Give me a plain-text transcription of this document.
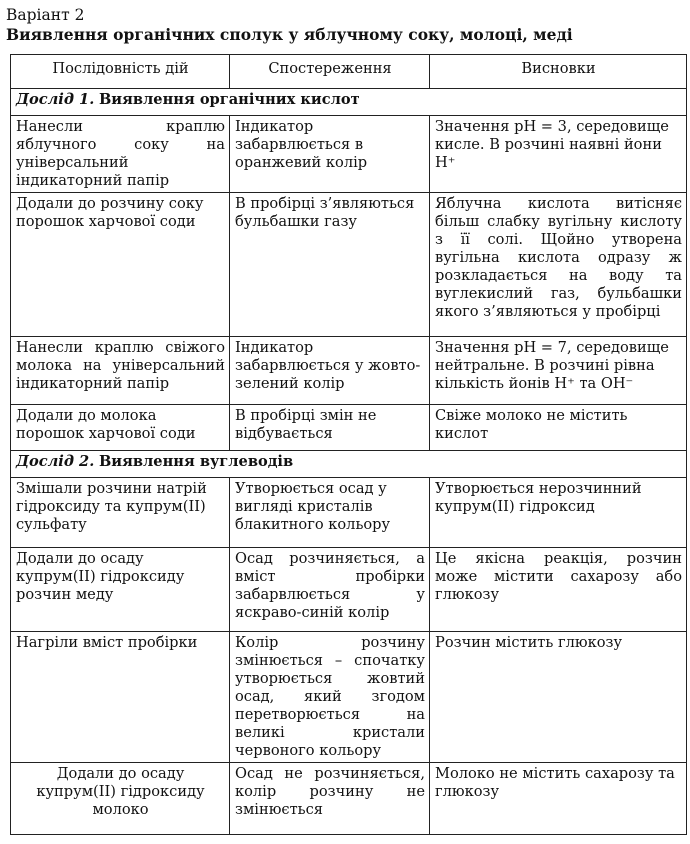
Варіант 2
Виявлення органічних сполук у яблучному соку, молоці, меді
Послідовність дій	Спостереження	Висновки
Дослід 1. Виявлення органічних кислот		
Нанесли краплю яблучного соку на універсальний індикаторний папір	Індикатор забарвлюється в оранжевий колір	Значення pH = 3, середовище кисле. В розчині наявні йони H⁺
Додали до розчину соку порошок харчової соди	В пробірці з’являються бульбашки газу	Яблучна кислота витісняє більш слабку вугільну кислоту з її солі. Щойно утворена вугільна кислота одразу ж розкладається на воду та вуглекислий газ, бульбашки якого з’являються у пробірці
Нанесли краплю свіжого молока на універсальний індикаторний папір	Індикатор забарвлюється у жовто-зелений колір	Значення pH = 7, середовище нейтральне. В розчині рівна кількість йонів H⁺ та OH⁻
Додали до молока порошок харчової соди	В пробірці змін не відбувається	Свіже молоко не містить кислот
Дослід 2. Виявлення вуглеводів		
Змішали розчини натрій гідроксиду та купрум(ІІ) сульфату	Утворюється осад у вигляді кристалів блакитного кольору	Утворюється нерозчинний купрум(ІІ) гідроксид
Додали до осаду купрум(ІІ) гідроксиду розчин меду	Осад розчиняється, а вміст пробірки забарвлюється у яскраво-синій колір	Це якісна реакція, розчин може містити сахарозу або глюкозу
Нагріли вміст пробірки	Колір розчину змінюється – спочатку утворюється жовтий осад, який згодом перетворюється на великі кристали червоного кольору	Розчин містить глюкозу
Додали до осаду купрум(ІІ) гідроксиду молоко	Осад не розчиняється, колір розчину не змінюється	Молоко не містить сахарозу та глюкозу
